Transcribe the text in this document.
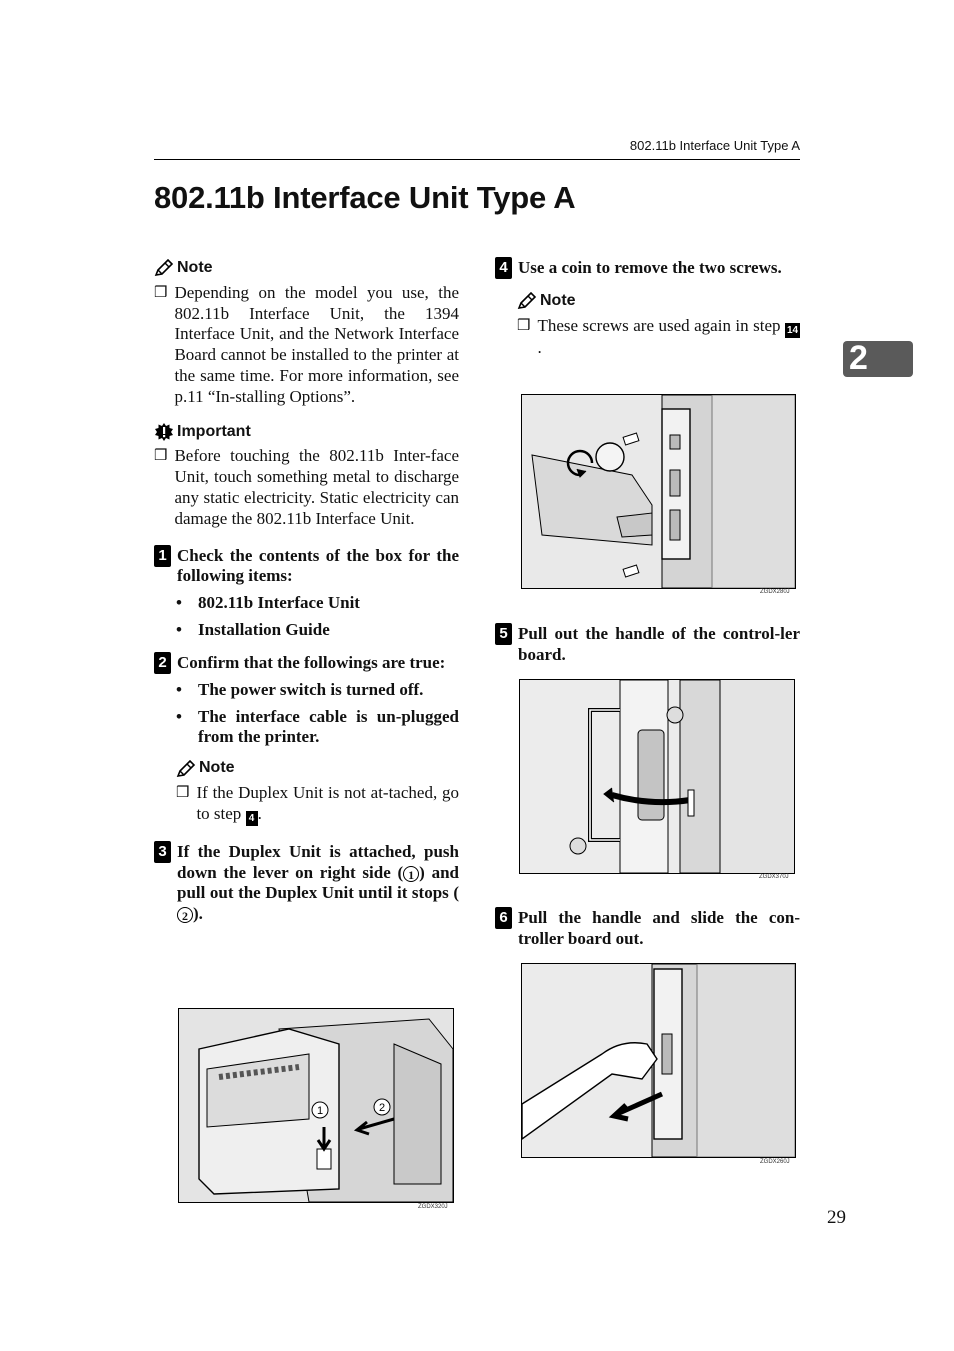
802.11b Interface Unit Type A
802.11b Interface Unit Type A
2
Note
❒ Depending on the model you use, the 802.11b Interface Unit, the 1394 Interface Unit, and the Network Interface Board cannot be installed to the printer at the same time. For more information, see p.11 “In-stalling Options”.
Important
❒ Before touching the 802.11b Inter-face Unit, touch something metal to discharge any static electricity. Static electricity can damage the 802.11b Interface Unit.
1 Check the contents of the box for the following items:
• 802.11b Interface Unit
• Installation Guide
2 Confirm that the followings are true:
• The power switch is turned off.
• The interface cable is un-plugged from the printer.
Note
❒ If the Duplex Unit is not at-tached, go to step 4 .
3 If the Duplex Unit is attached, push down the lever on right side ( 1 ) and pull out the Duplex Unit until it stops (2 ).
1	2
ZGDX320J
4 Use a coin to remove the two screws.
Note
❒ These screws are used again in step 14.
ZGDX280J
5 Pull out the handle of the control-ler board.
ZGDX370J
6 Pull the handle and slide the con-troller board out.
ZGDX260J
29
